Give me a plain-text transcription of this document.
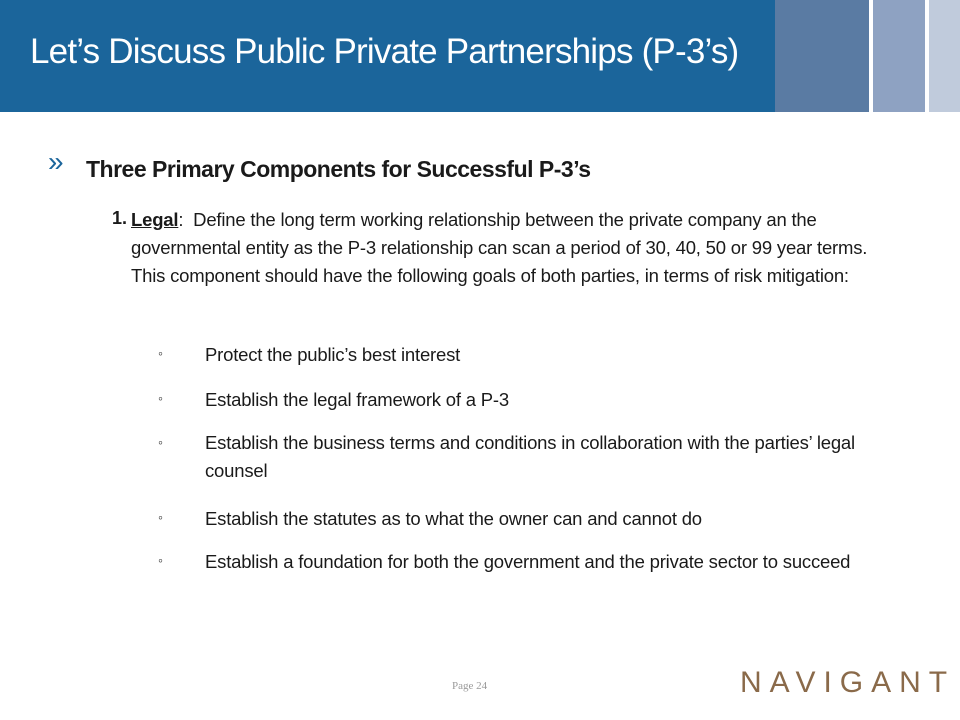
Let’s Discuss Public Private Partnerships (P-3’s)
» Three Primary Components for Successful P-3’s
1. Legal: Define the long term working relationship between the private company an the governmental entity as the P-3 relationship can scan a period of 30, 40, 50 or 99 year terms. This component should have the following goals of both parties, in terms of risk mitigation:

◦ Protect the public’s best interest

◦ Establish the legal framework of a P-3

◦ Establish the business terms and conditions in collaboration with the parties’ legal counsel

◦ Establish the statutes as to what the owner can and cannot do

◦ Establish a foundation for both the government and the private sector to succeed

Page 24	NAVIGANT
